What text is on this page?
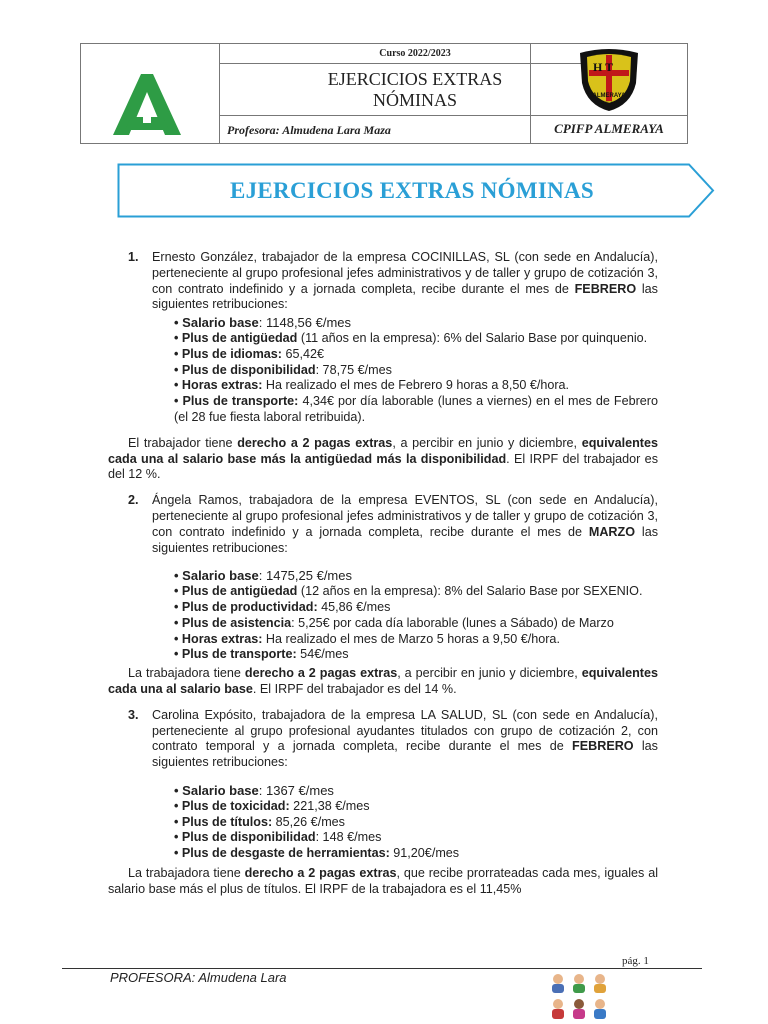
Curso 2022/2023
EJERCICIOS EXTRAS
NÓMINAS
Profesora: Almudena Lara Maza
H T
ALMERAYA
C.P.I.F.P.
CPIFP ALMERAYA
EJERCICIOS EXTRAS NÓMINAS
1. Ernesto González, trabajador de la empresa COCINILLAS, SL (con sede en Andalucía), perteneciente al grupo profesional jefes administrativos y de taller y grupo de cotización 3, con contrato indefinido y a jornada completa, recibe durante el mes de FEBRERO las siguientes retribuciones:
• Salario base: 1148,56 €/mes
• Plus de antigüedad (11 años en la empresa): 6% del Salario Base por quinquenio.
• Plus de idiomas: 65,42€
• Plus de disponibilidad: 78,75 €/mes
• Horas extras: Ha realizado el mes de Febrero 9 horas a 8,50 €/hora.
• Plus de transporte: 4,34€ por día laborable (lunes a viernes) en el mes de Febrero (el 28 fue fiesta laboral retribuida).
El trabajador tiene derecho a 2 pagas extras, a percibir en junio y diciembre, equivalentes cada una al salario base más la antigüedad más la disponibilidad. El IRPF del trabajador es del 12 %.
2. Ángela Ramos, trabajadora de la empresa EVENTOS, SL (con sede en Andalucía), perteneciente al grupo profesional jefes administrativos y de taller y grupo de cotización 3, con contrato indefinido y a jornada completa, recibe durante el mes de MARZO las siguientes retribuciones:
• Salario base: 1475,25 €/mes
• Plus de antigüedad (12 años en la empresa): 8% del Salario Base por SEXENIO.
• Plus de productividad: 45,86 €/mes
• Plus de asistencia: 5,25€ por cada día laborable (lunes a Sábado) de Marzo
• Horas extras: Ha realizado el mes de Marzo 5 horas a 9,50 €/hora.
• Plus de transporte: 54€/mes
La trabajadora tiene derecho a 2 pagas extras, a percibir en junio y diciembre, equivalentes cada una al salario base. El IRPF del trabajador es del 14 %.
3. Carolina Expósito, trabajadora de la empresa LA SALUD, SL (con sede en Andalucía), perteneciente al grupo profesional ayudantes titulados con grupo de cotización 2, con contrato temporal y a jornada completa, recibe durante el mes de FEBRERO las siguientes retribuciones:
• Salario base: 1367 €/mes
• Plus de toxicidad: 221,38 €/mes
• Plus de títulos: 85,26 €/mes
• Plus de disponibilidad: 148 €/mes
• Plus de desgaste de herramientas: 91,20€/mes
La trabajadora tiene derecho a 2 pagas extras, que recibe prorrateadas cada mes, iguales al salario base más el plus de títulos. El IRPF de la trabajadora es el 11,45%
pág. 1
PROFESORA: Almudena Lara
